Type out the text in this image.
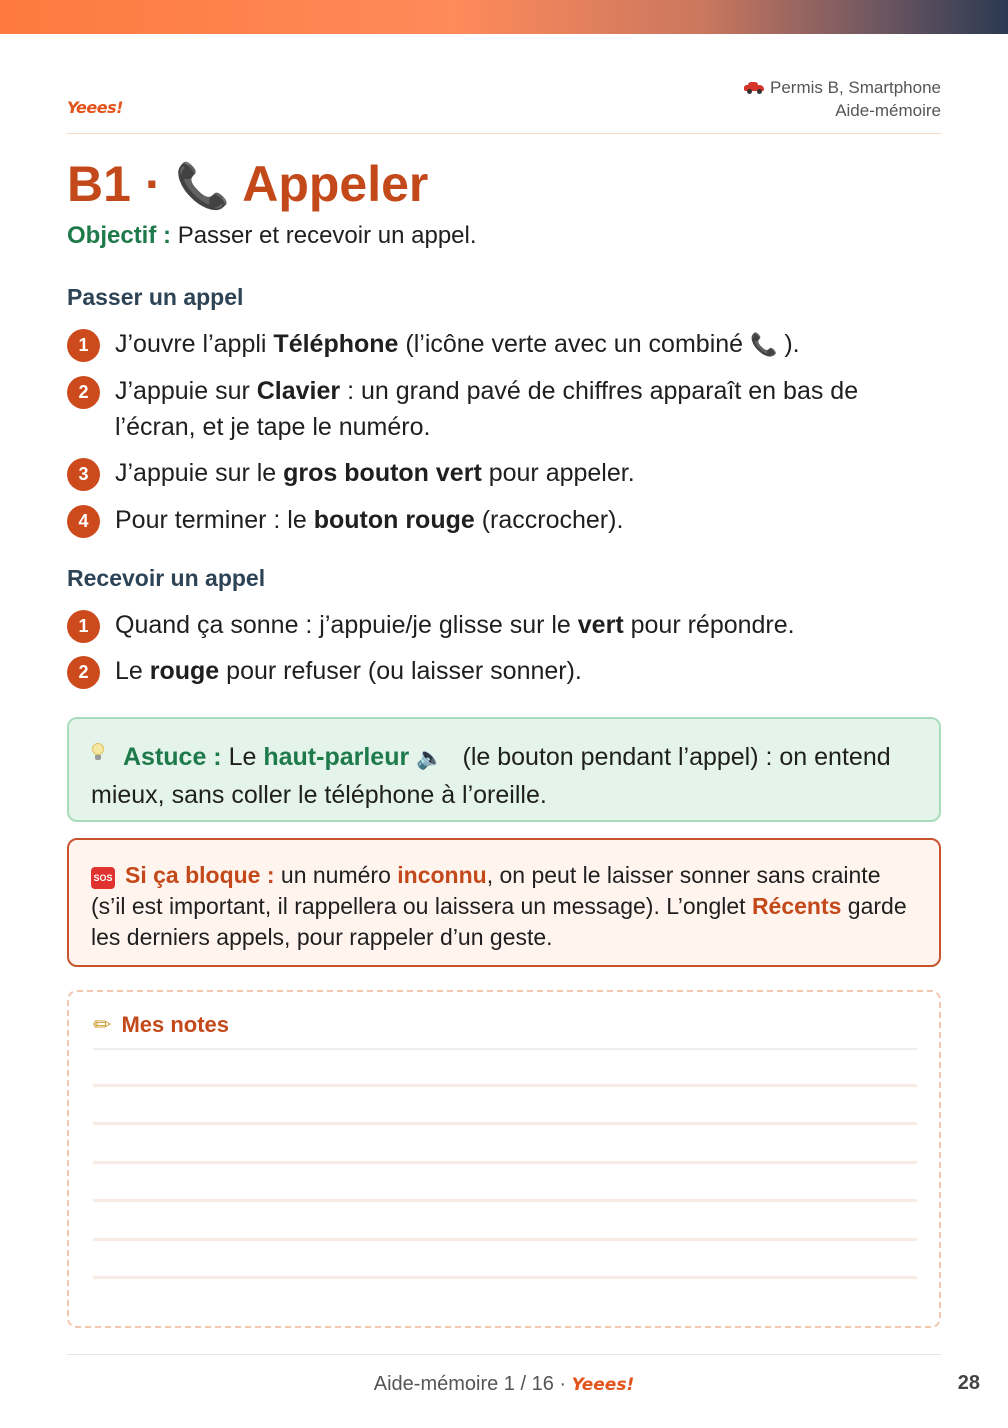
Yeees!
Permis B, Smartphone
Aide-mémoire
B1 · 📞 Appeler
Objectif : Passer et recevoir un appel.
Passer un appel
1	J’ouvre l’appli Téléphone (l’icône verte avec un combiné 📞 ).
2	J’appuie sur Clavier : un grand pavé de chiffres apparaît en bas de l’écran, et je tape le numéro.
3	J’appuie sur le gros bouton vert pour appeler.
4	Pour terminer : le bouton rouge (raccrocher).
Recevoir un appel
1	Quand ça sonne : j’appuie/je glisse sur le vert pour répondre.
2	Le rouge pour refuser (ou laisser sonner).
Astuce : Le haut-parleur 🔈 (le bouton pendant l’appel) : on entend mieux, sans coller le téléphone à l’oreille.
SOS Si ça bloque : un numéro inconnu, on peut le laisser sonner sans crainte (s’il est important, il rappellera ou laissera un message). L’onglet Récents garde les derniers appels, pour rappeler d’un geste.
✏ Mes notes
Aide-mémoire 1 / 16 · Yeees!	28
